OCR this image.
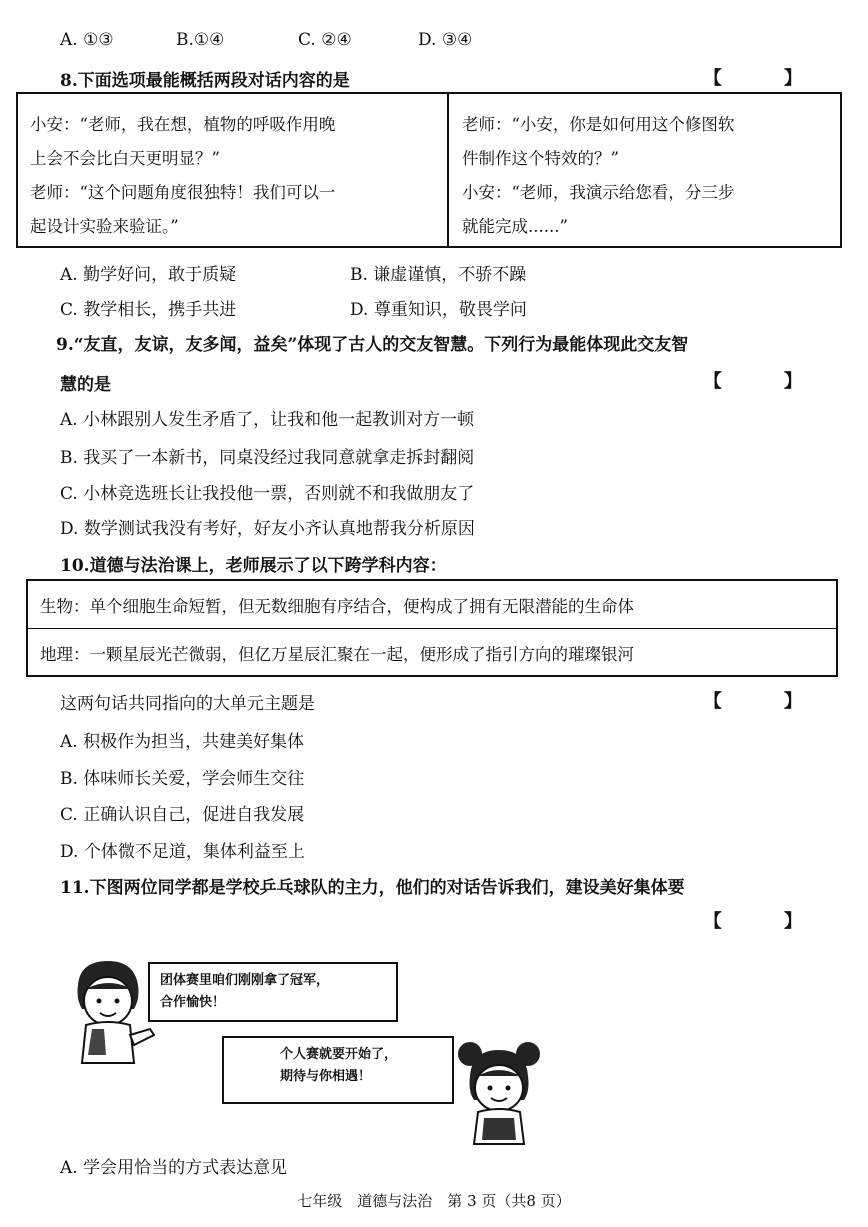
A. ①③	B.①④	C. ②④	D. ③④
8.下面选项最能概括两段对话内容的是	【 】
小安：“老师，我在想，植物的呼吸作用晚
上会不会比白天更明显？”
老师：“这个问题角度很独特！我们可以一
起设计实验来验证。”
老师：“小安，你是如何用这个修图软
件制作这个特效的？”
小安：“老师，我演示给您看，分三步
就能完成......”
A. 勤学好问，敢于质疑	B. 谦虚谨慎，不骄不躁
C. 教学相长，携手共进	D. 尊重知识，敬畏学问
9.“友直，友谅，友多闻，益矣”体现了古人的交友智慧。下列行为最能体现此交友智
慧的是	【 】
A. 小林跟别人发生矛盾了，让我和他一起教训对方一顿
B. 我买了一本新书，同桌没经过我同意就拿走拆封翻阅
C. 小林竞选班长让我投他一票，否则就不和我做朋友了
D. 数学测试我没有考好，好友小齐认真地帮我分析原因
10.道德与法治课上，老师展示了以下跨学科内容：
生物：单个细胞生命短暂，但无数细胞有序结合，便构成了拥有无限潜能的生命体
地理：一颗星辰光芒微弱，但亿万星辰汇聚在一起，便形成了指引方向的璀璨银河
这两句话共同指向的大单元主题是	【 】
A. 积极作为担当，共建美好集体
B. 体味师长关爱，学会师生交往
C. 正确认识自己，促进自我发展
D. 个体微不足道，集体利益至上
11.下图两位同学都是学校乒乓球队的主力，他们的对话告诉我们，建设美好集体要
【 】
团体赛里咱们刚刚拿了冠军，
合作愉快！
个人赛就要开始了，
期待与你相遇！
A. 学会用恰当的方式表达意见
七年级　道德与法治　第 3 页（共8 页）
